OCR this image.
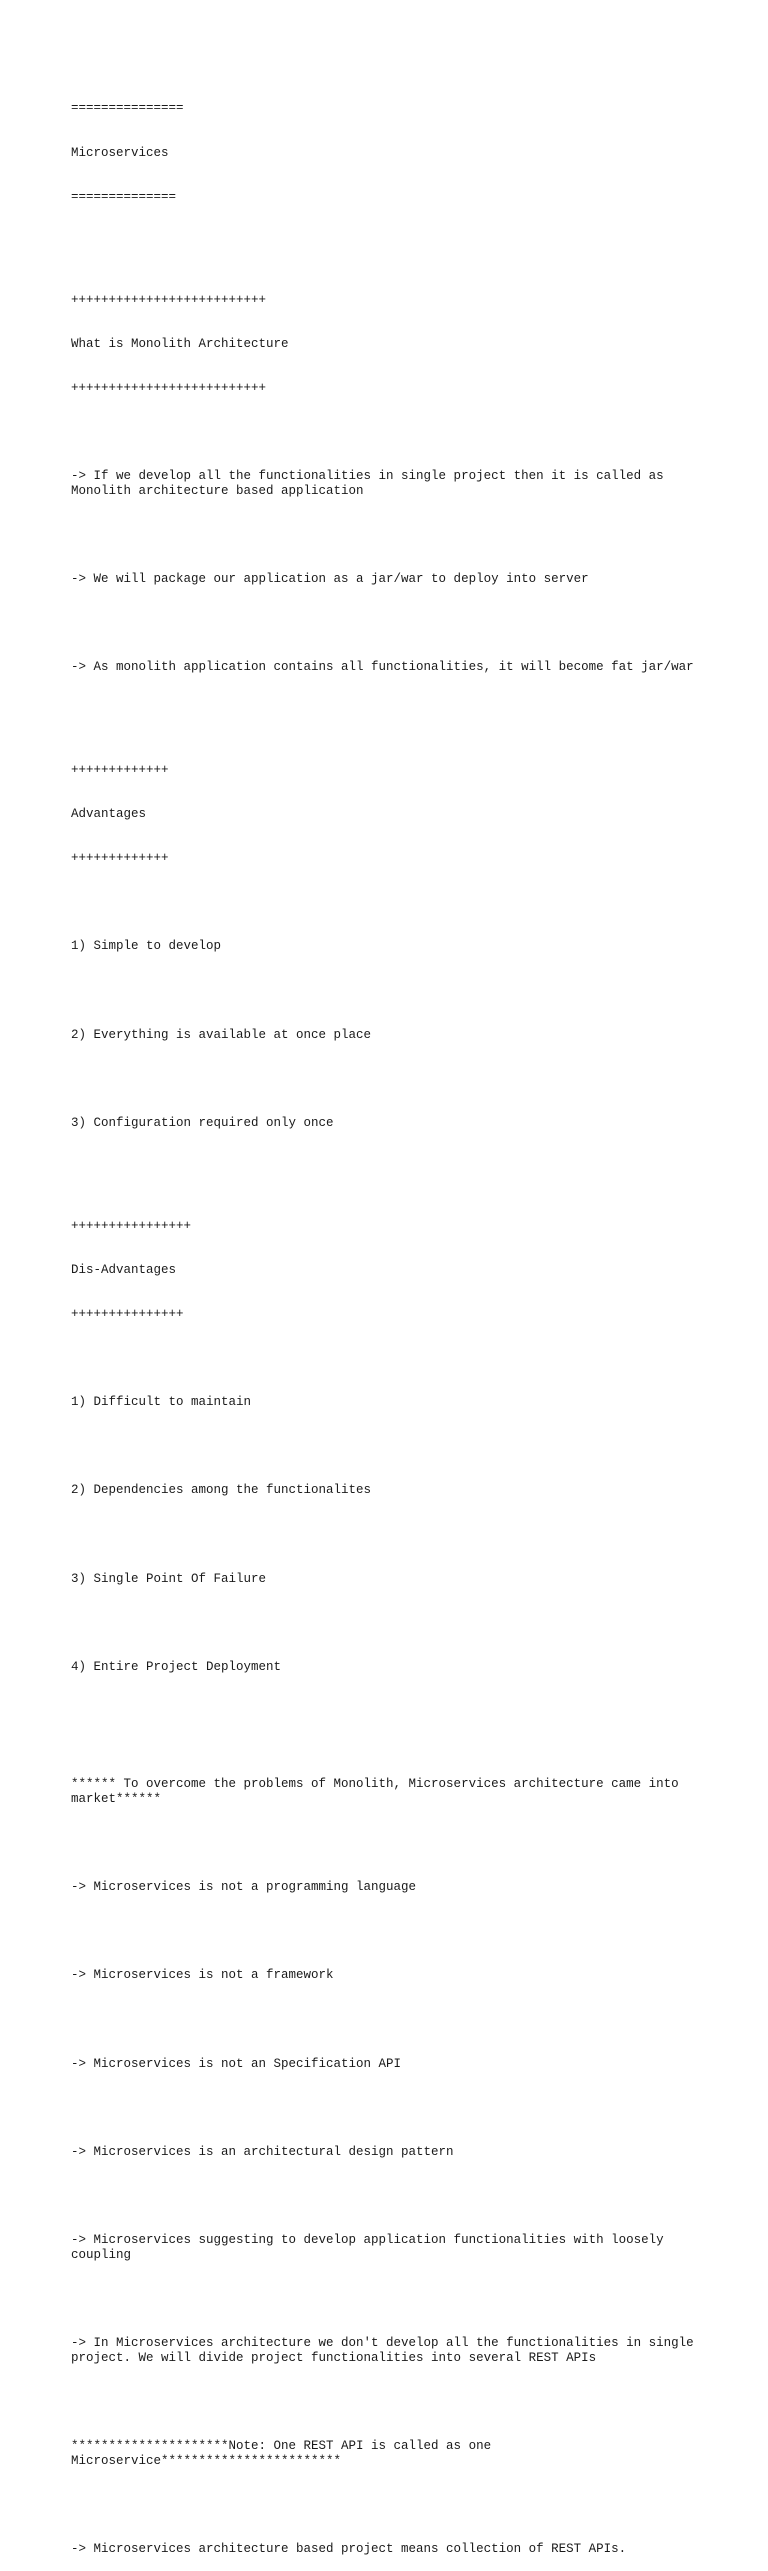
===============

Microservices

==============

++++++++++++++++++++++++++

What is Monolith Architecture

++++++++++++++++++++++++++

-> If we develop all the functionalities in single project then it is called as Monolith architecture based application

-> We will package our application as a jar/war to deploy into server

-> As monolith application contains all functionalities, it will become fat jar/war

+++++++++++++

Advantages

+++++++++++++

1) Simple to develop

2) Everything is available at once place

3) Configuration required only once

++++++++++++++++

Dis-Advantages

+++++++++++++++

1) Difficult to maintain

2) Dependencies among the functionalites

3) Single Point Of Failure

4) Entire Project Deployment

****** To overcome the problems of Monolith, Microservices architecture came into market******

-> Microservices is not a programming language

-> Microservices is not a framework

-> Microservices is not an Specification API

-> Microservices is an architectural design pattern

-> Microservices suggesting to develop application functionalities with loosely coupling

-> In Microservices architecture we don't develop all the functionalities in single project. We will divide project functionalities into several REST APIs

*********************Note: One REST API is called as one Microservice************************

-> Microservices architecture based project means collection of REST APIs.
